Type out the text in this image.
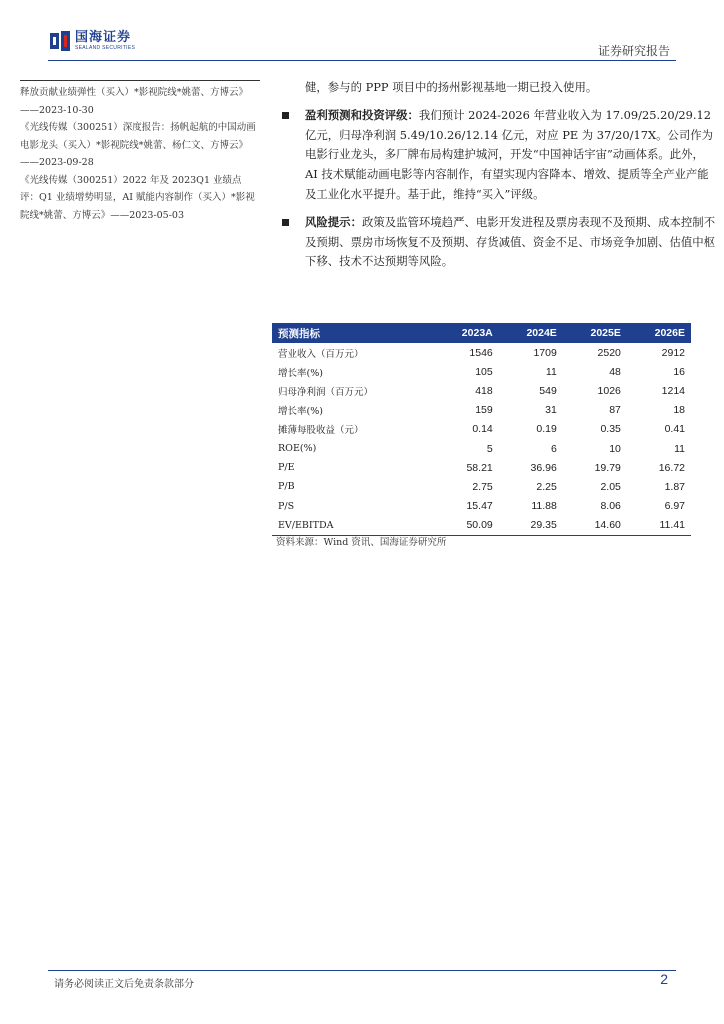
国海证券
SEALAND SECURITIES	证券研究报告
释放贡献业绩弹性（买入）*影视院线*姚蕾、方博云》——2023-10-30
《光线传媒（300251）深度报告：扬帆起航的中国动画电影龙头（买入）*影视院线*姚蕾、杨仁文、方博云》——2023-09-28
《光线传媒（300251）2022 年及 2023Q1 业绩点评：Q1 业绩增势明显，AI 赋能内容制作（买入）*影视院线*姚蕾、方博云》——2023-05-03

健，参与的 PPP 项目中的扬州影视基地一期已投入使用。

盈利预测和投资评级：我们预计 2024-2026 年营业收入为 17.09/25.20/29.12 亿元，归母净利润 5.49/10.26/12.14 亿元，对应 PE 为 37/20/17X。公司作为电影行业龙头，多厂牌布局构建护城河，开发“中国神话宇宙”动画体系。此外，AI 技术赋能动画电影等内容制作，有望实现内容降本、增效、提质等全产业产能及工业化水平提升。基于此，维持“买入”评级。
风险提示：政策及监管环境趋严、电影开发进程及票房表现不及预期、成本控制不及预期、票房市场恢复不及预期、存货减值、资金不足、市场竞争加剧、估值中枢下移、技术不达预期等风险。
预测指标	2023A	2024E	2025E	2026E
营业收入（百万元）	1546	1709	2520	2912
增长率(%)	105	11	48	16
归母净利润（百万元）	418	549	1026	1214
增长率(%)	159	31	87	18
摊薄每股收益（元）	0.14	0.19	0.35	0.41
ROE(%)	5	6	10	11
P/E	58.21	36.96	19.79	16.72
P/B	2.75	2.25	2.05	1.87
P/S	15.47	11.88	8.06	6.97
EV/EBITDA	50.09	29.35	14.60	11.41
资料来源：Wind 资讯、国海证券研究所
请务必阅读正文后免责条款部分	2
